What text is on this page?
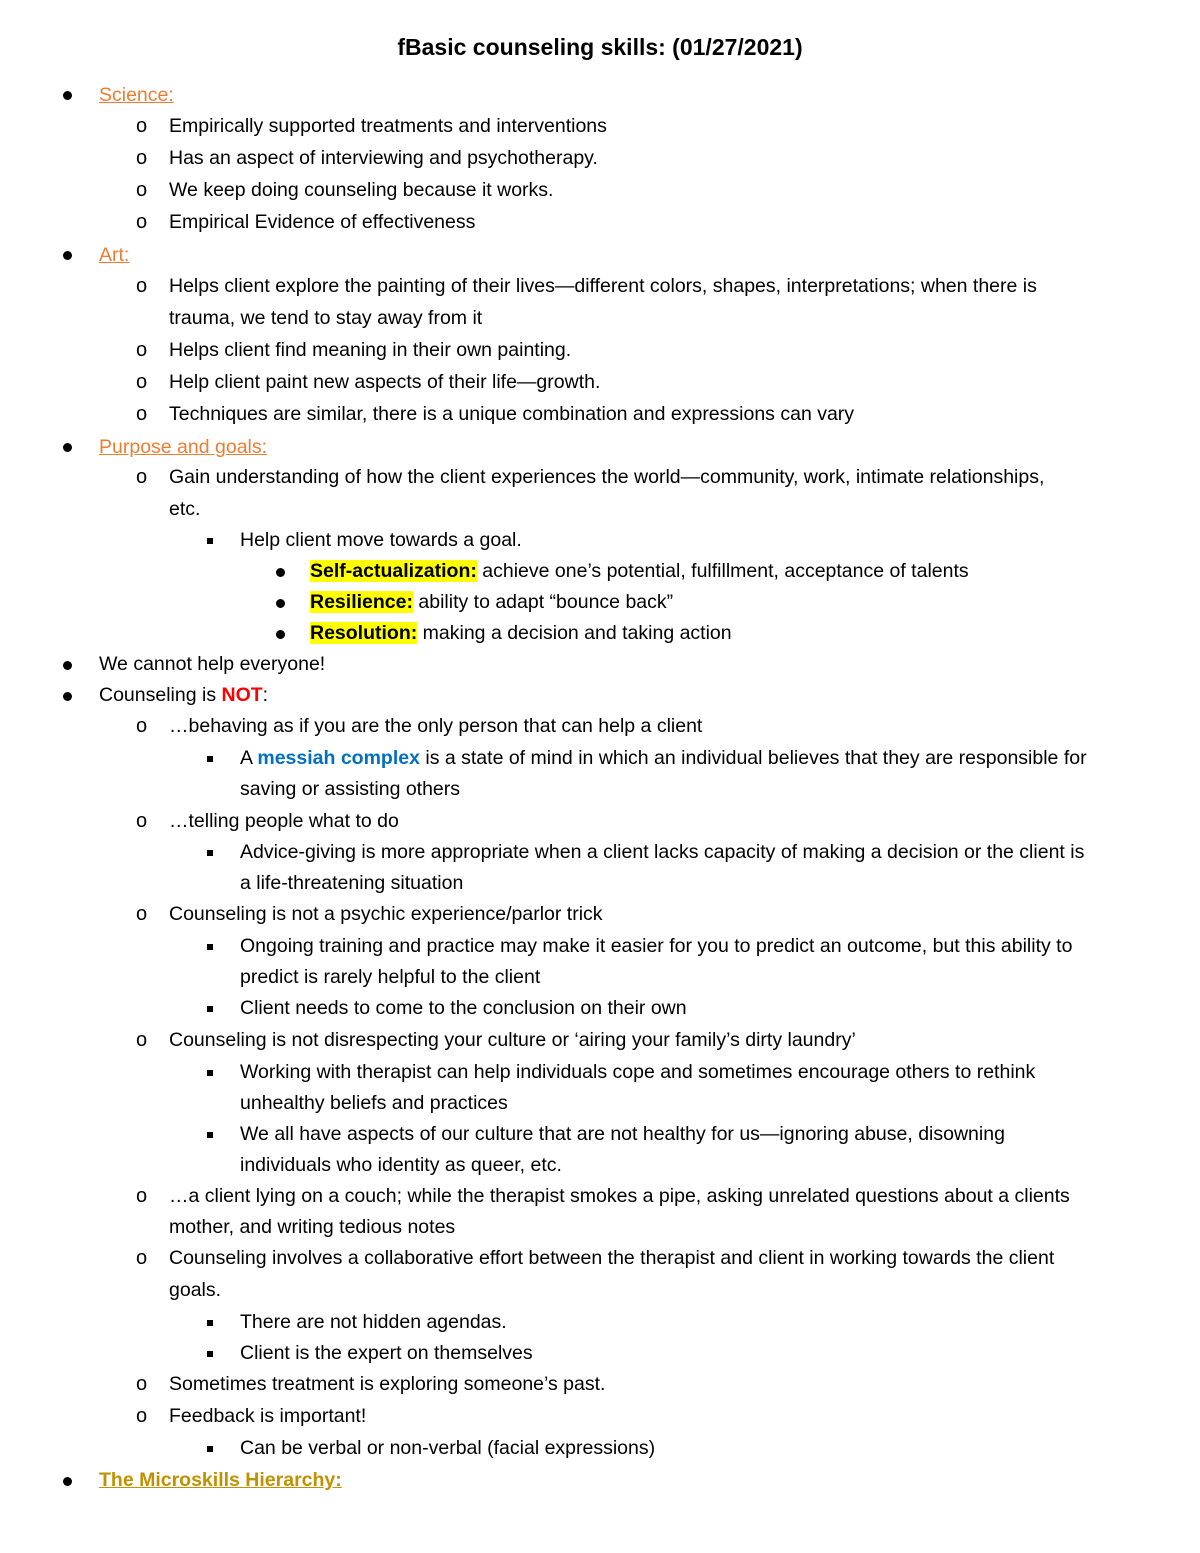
fBasic counseling skills: (01/27/2021)
Science:
o Empirically supported treatments and interventions
o Has an aspect of interviewing and psychotherapy.
o We keep doing counseling because it works.
o Empirical Evidence of effectiveness
Art:
o Helps client explore the painting of their lives—different colors, shapes, interpretations; when there is
trauma, we tend to stay away from it
o Helps client find meaning in their own painting.
o Help client paint new aspects of their life—growth.
o Techniques are similar, there is a unique combination and expressions can vary
Purpose and goals:
o Gain understanding of how the client experiences the world—community, work, intimate relationships,
etc.
Help client move towards a goal.
Self-actualization: achieve one’s potential, fulfillment, acceptance of talents
Resilience: ability to adapt “bounce back”
Resolution: making a decision and taking action
We cannot help everyone!
Counseling is NOT:
o …behaving as if you are the only person that can help a client
A messiah complex is a state of mind in which an individual believes that they are responsible for
saving or assisting others
o …telling people what to do
Advice-giving is more appropriate when a client lacks capacity of making a decision or the client is
a life-threatening situation
o Counseling is not a psychic experience/parlor trick
Ongoing training and practice may make it easier for you to predict an outcome, but this ability to
predict is rarely helpful to the client
Client needs to come to the conclusion on their own
o Counseling is not disrespecting your culture or ‘airing your family’s dirty laundry’
Working with therapist can help individuals cope and sometimes encourage others to rethink
unhealthy beliefs and practices
We all have aspects of our culture that are not healthy for us—ignoring abuse, disowning
individuals who identity as queer, etc.
o …a client lying on a couch; while the therapist smokes a pipe, asking unrelated questions about a clients
mother, and writing tedious notes
o Counseling involves a collaborative effort between the therapist and client in working towards the client
goals.
There are not hidden agendas.
Client is the expert on themselves
o Sometimes treatment is exploring someone’s past.
o Feedback is important!
Can be verbal or non-verbal (facial expressions)
The Microskills Hierarchy:
